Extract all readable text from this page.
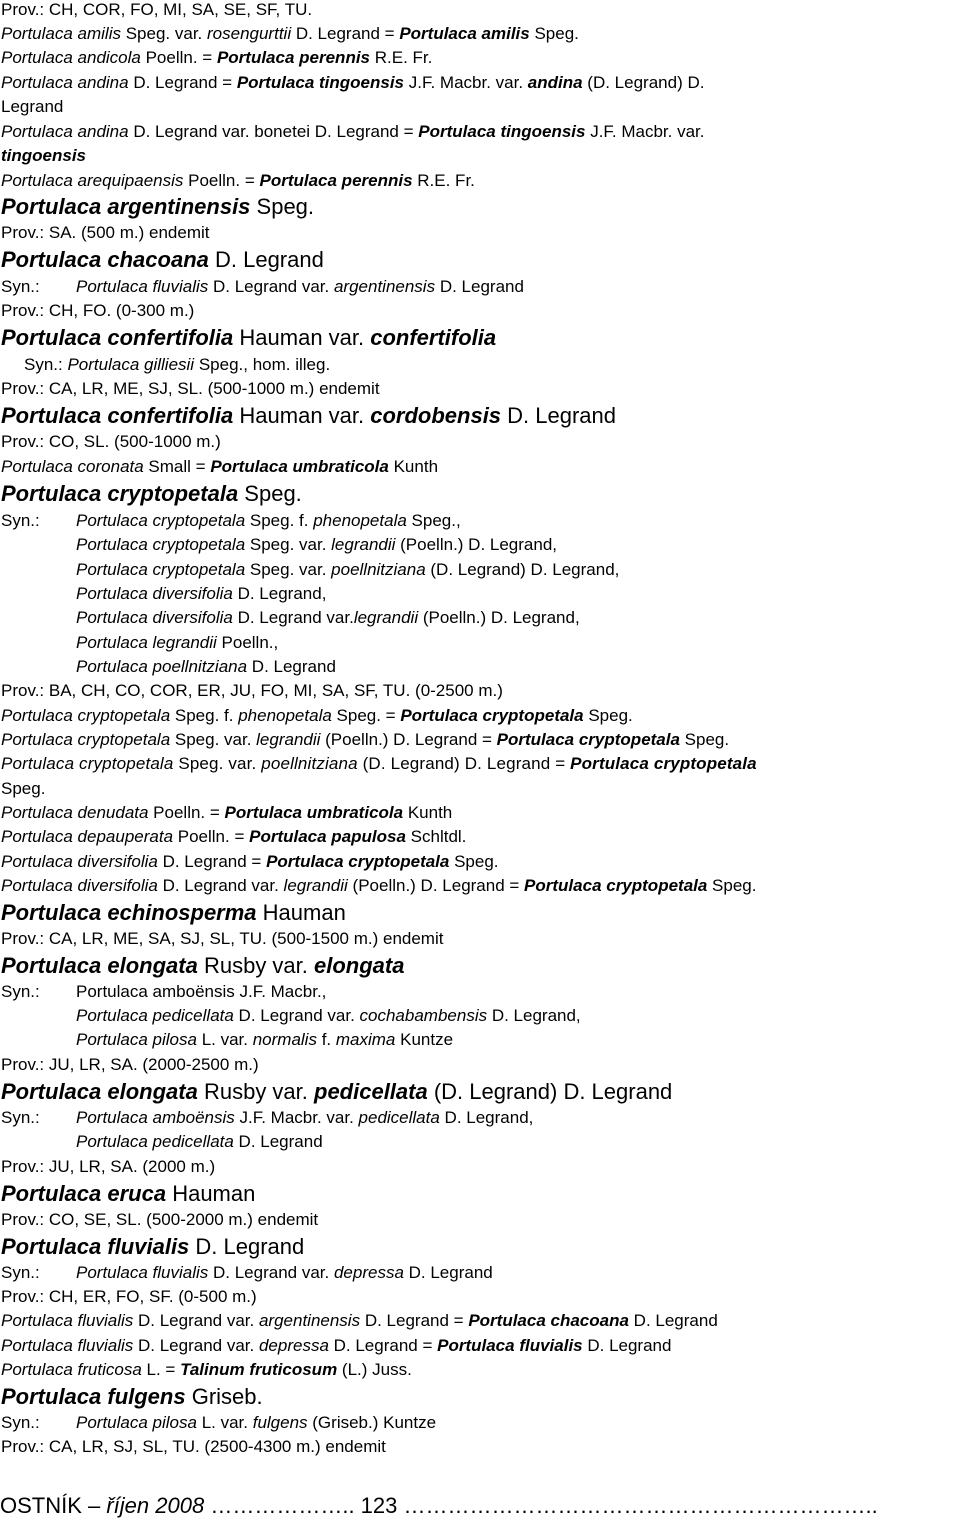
Prov.: CH, COR, FO, MI, SA, SE, SF, TU.
Portulaca amilis Speg. var. rosengurttii D. Legrand = Portulaca amilis Speg.
Portulaca andicola Poelln. = Portulaca perennis R.E. Fr.
Portulaca andina D. Legrand = Portulaca tingoensis J.F. Macbr. var. andina (D. Legrand) D.
Legrand
Portulaca andina D. Legrand var. bonetei D. Legrand = Portulaca tingoensis J.F. Macbr. var.
tingoensis
Portulaca arequipaensis Poelln. = Portulaca perennis R.E. Fr.
Portulaca argentinensis Speg.
Prov.: SA. (500 m.) endemit
Portulaca chacoana D. Legrand
Syn.: Portulaca fluvialis D. Legrand var. argentinensis D. Legrand
Prov.: CH, FO. (0-300 m.)
Portulaca confertifolia Hauman var. confertifolia
Syn.: Portulaca gilliesii Speg., hom. illeg.
Prov.: CA, LR, ME, SJ, SL. (500-1000 m.) endemit
Portulaca confertifolia Hauman var. cordobensis D. Legrand
Prov.: CO, SL. (500-1000 m.)
Portulaca coronata Small = Portulaca umbraticola Kunth
Portulaca cryptopetala Speg.
Syn.: Portulaca cryptopetala Speg. f. phenopetala Speg.,
Portulaca cryptopetala Speg. var. legrandii (Poelln.) D. Legrand,
Portulaca cryptopetala Speg. var. poellnitziana (D. Legrand) D. Legrand,
Portulaca diversifolia D. Legrand,
Portulaca diversifolia D. Legrand var.legrandii (Poelln.) D. Legrand,
Portulaca legrandii Poelln.,
Portulaca poellnitziana D. Legrand
Prov.: BA, CH, CO, COR, ER, JU, FO, MI, SA, SF, TU. (0-2500 m.)
Portulaca cryptopetala Speg. f. phenopetala Speg. = Portulaca cryptopetala Speg.
Portulaca cryptopetala Speg. var. legrandii (Poelln.) D. Legrand = Portulaca cryptopetala Speg.
Portulaca cryptopetala Speg. var. poellnitziana (D. Legrand) D. Legrand = Portulaca cryptopetala
Speg.
Portulaca denudata Poelln. = Portulaca umbraticola Kunth
Portulaca depauperata Poelln. = Portulaca papulosa Schltdl.
Portulaca diversifolia D. Legrand = Portulaca cryptopetala Speg.
Portulaca diversifolia D. Legrand var. legrandii (Poelln.) D. Legrand = Portulaca cryptopetala Speg.
Portulaca echinosperma Hauman
Prov.: CA, LR, ME, SA, SJ, SL, TU. (500-1500 m.) endemit
Portulaca elongata Rusby var. elongata
Syn.: Portulaca amboënsis J.F. Macbr.,
Portulaca pedicellata D. Legrand var. cochabambensis D. Legrand,
Portulaca pilosa L. var. normalis f. maxima Kuntze
Prov.: JU, LR, SA. (2000-2500 m.)
Portulaca elongata Rusby var. pedicellata (D. Legrand) D. Legrand
Syn.: Portulaca amboënsis J.F. Macbr. var. pedicellata D. Legrand,
Portulaca pedicellata D. Legrand
Prov.: JU, LR, SA. (2000 m.)
Portulaca eruca Hauman
Prov.: CO, SE, SL. (500-2000 m.) endemit
Portulaca fluvialis D. Legrand
Syn.: Portulaca fluvialis D. Legrand var. depressa D. Legrand
Prov.: CH, ER, FO, SF. (0-500 m.)
Portulaca fluvialis D. Legrand var. argentinensis D. Legrand = Portulaca chacoana D. Legrand
Portulaca fluvialis D. Legrand var. depressa D. Legrand = Portulaca fluvialis D. Legrand
Portulaca fruticosa L. = Talinum fruticosum (L.) Juss.
Portulaca fulgens Griseb.
Syn.: Portulaca pilosa L. var. fulgens (Griseb.) Kuntze
Prov.: CA, LR, SJ, SL, TU. (2500-4300 m.) endemit
OSTNÍK – říjen 2008 ……………….. 123 ………………………………………………………..
